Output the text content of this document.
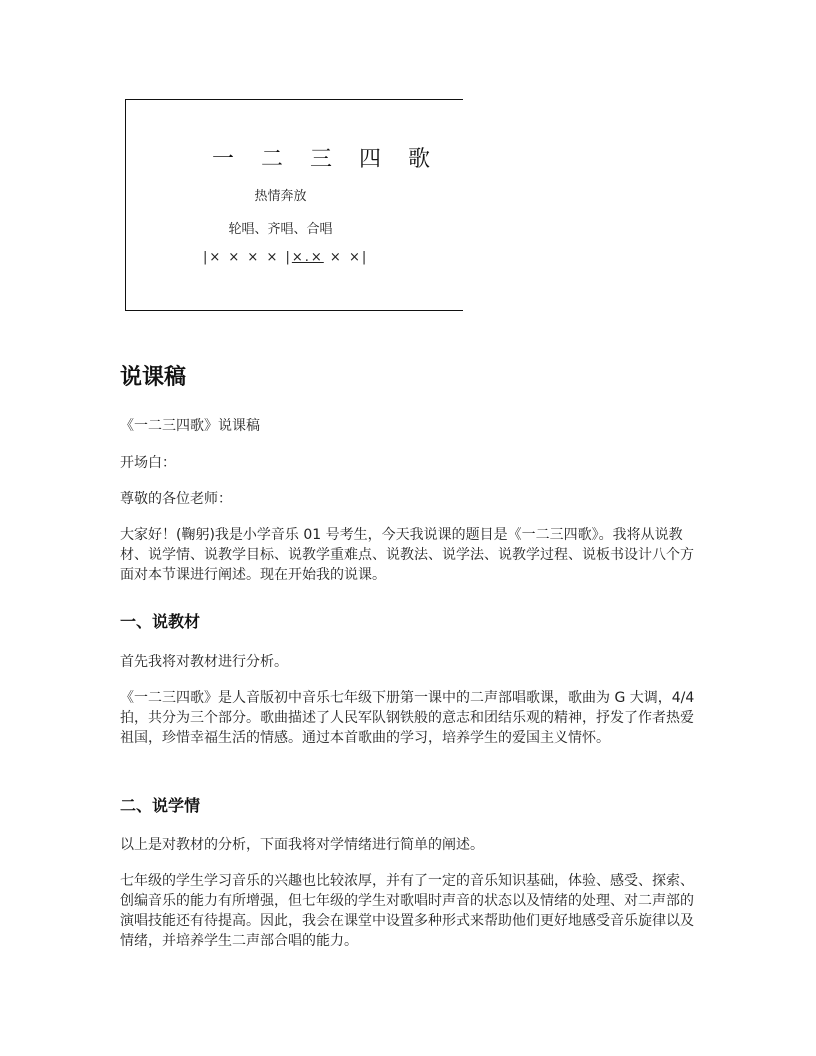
一 二 三 四 歌
热情奔放
轮唱、齐唱、合唱
|× × × × |×.× × ×|
说课稿
《一二三四歌》说课稿
开场白：
尊敬的各位老师：
大家好！(鞠躬)我是小学音乐 01 号考生，今天我说课的题目是《一二三四歌》。我将从说教材、说学情、说教学目标、说教学重难点、说教法、说学法、说教学过程、说板书设计八个方面对本节课进行阐述。现在开始我的说课。
一、说教材
首先我将对教材进行分析。
《一二三四歌》是人音版初中音乐七年级下册第一课中的二声部唱歌课，歌曲为 G 大调，4/4 拍，共分为三个部分。歌曲描述了人民军队钢铁般的意志和团结乐观的精神，抒发了作者热爱祖国，珍惜幸福生活的情感。通过本首歌曲的学习，培养学生的爱国主义情怀。
二、说学情
以上是对教材的分析，下面我将对学情绪进行简单的阐述。
七年级的学生学习音乐的兴趣也比较浓厚，并有了一定的音乐知识基础，体验、感受、探索、创编音乐的能力有所增强，但七年级的学生对歌唱时声音的状态以及情绪的处理、对二声部的演唱技能还有待提高。因此，我会在课堂中设置多种形式来帮助他们更好地感受音乐旋律以及情绪，并培养学生二声部合唱的能力。
